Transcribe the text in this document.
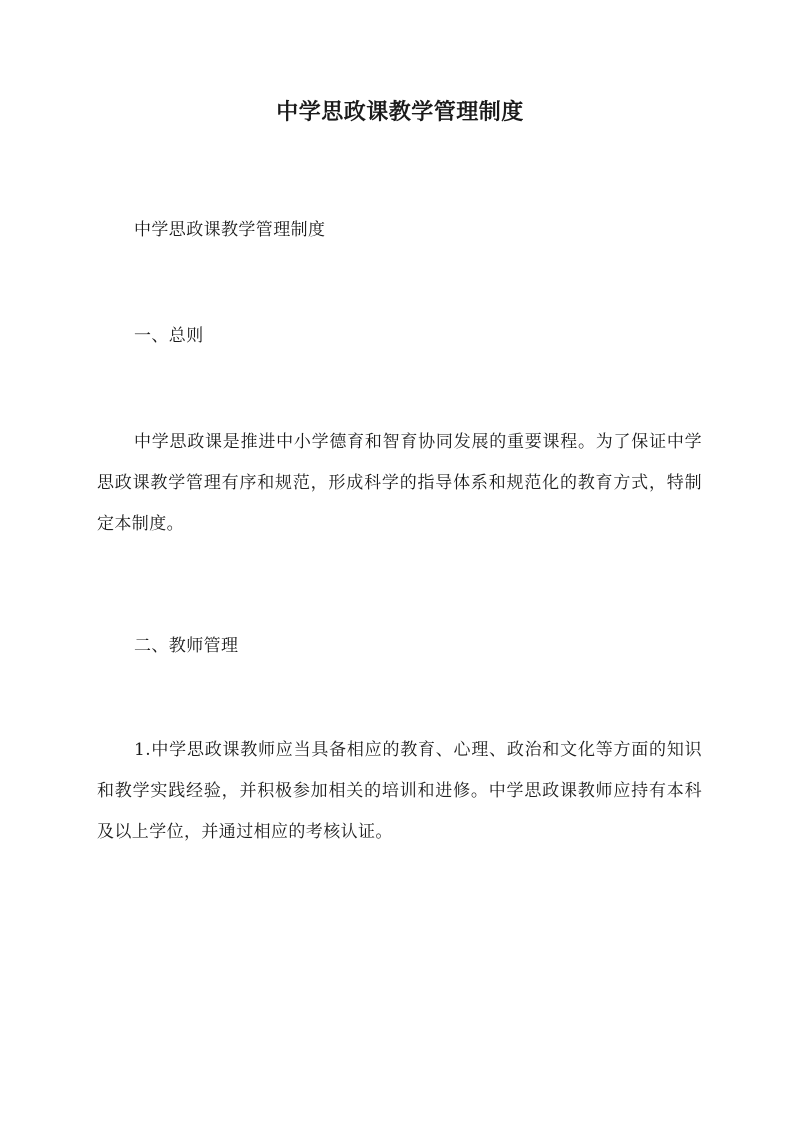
中学思政课教学管理制度

中学思政课教学管理制度

一、总则

中学思政课是推进中小学德育和智育协同发展的重要课程。为了保证中学思政课教学管理有序和规范，形成科学的指导体系和规范化的教育方式，特制定本制度。

二、教师管理

1.中学思政课教师应当具备相应的教育、心理、政治和文化等方面的知识和教学实践经验，并积极参加相关的培训和进修。中学思政课教师应持有本科及以上学位，并通过相应的考核认证。
